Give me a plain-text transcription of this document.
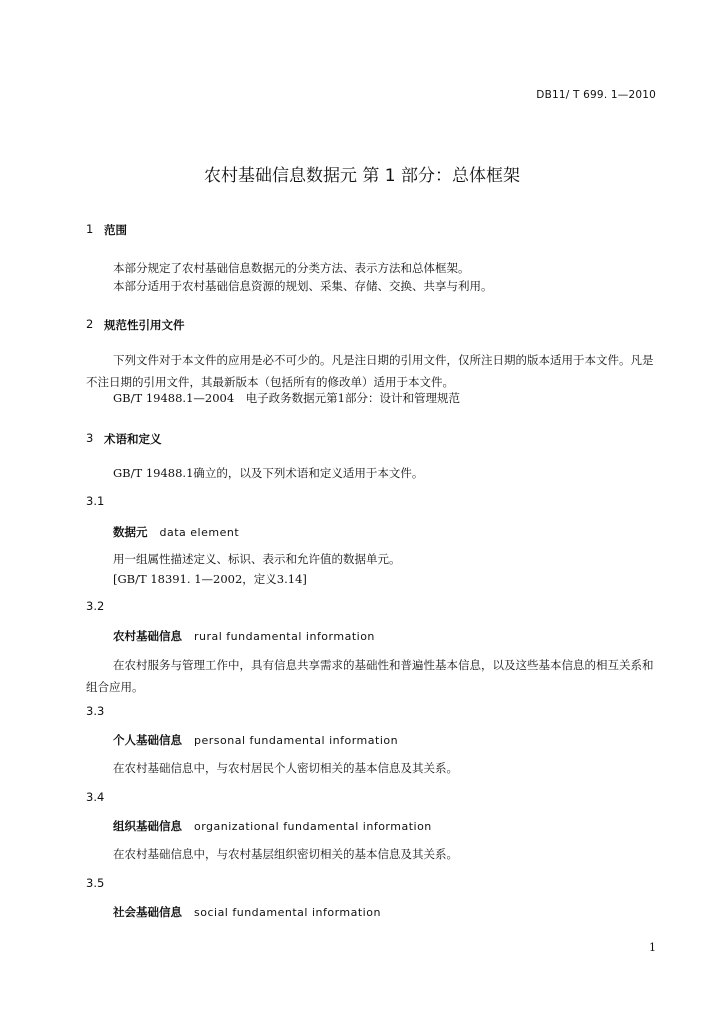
DB11/ T 699. 1—2010
农村基础信息数据元 第 1 部分：总体框架
1 范围
本部分规定了农村基础信息数据元的分类方法、表示方法和总体框架。
本部分适用于农村基础信息资源的规划、采集、存储、交换、共享与利用。
2 规范性引用文件
下列文件对于本文件的应用是必不可少的。凡是注日期的引用文件，仅所注日期的版本适用于本文件。凡是不注日期的引用文件，其最新版本（包括所有的修改单）适用于本文件。
GB/T 19488.1—2004　电子政务数据元第1部分：设计和管理规范
3 术语和定义
GB/T 19488.1确立的，以及下列术语和定义适用于本文件。
3.1
数据元 data element
用一组属性描述定义、标识、表示和允许值的数据单元。
[GB/T 18391. 1—2002，定义3.14]
3.2
农村基础信息 rural fundamental information
在农村服务与管理工作中，具有信息共享需求的基础性和普遍性基本信息，以及这些基本信息的相互关系和组合应用。
3.3
个人基础信息 personal fundamental information
在农村基础信息中，与农村居民个人密切相关的基本信息及其关系。
3.4
组织基础信息 organizational fundamental information
在农村基础信息中，与农村基层组织密切相关的基本信息及其关系。
3.5
社会基础信息 social fundamental information
1
